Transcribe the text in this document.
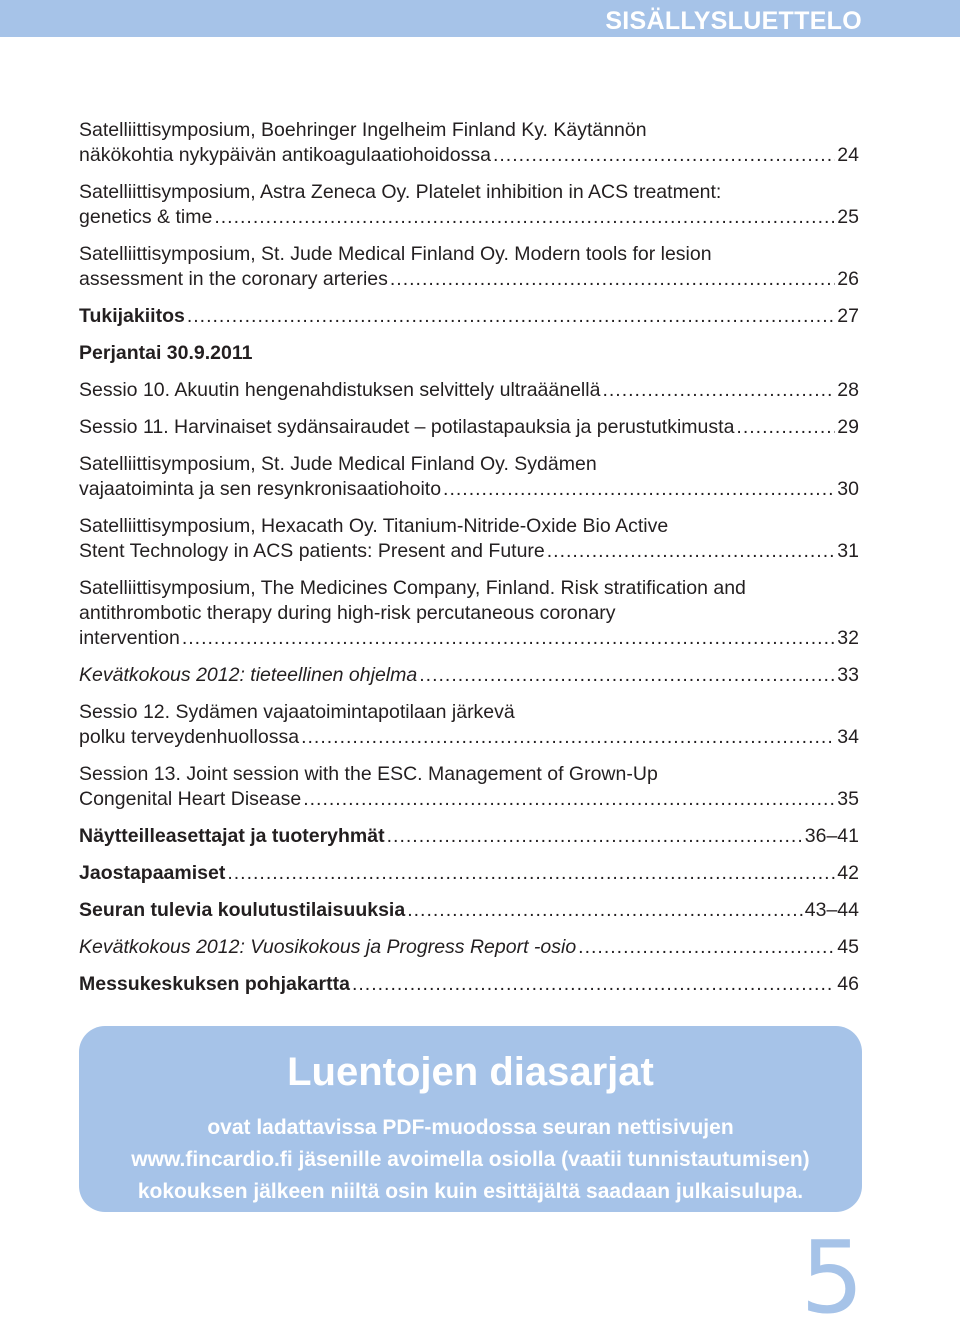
SISÄLLYSLUETTELO
Satelliittisymposium, Boehringer Ingelheim Finland Ky. Käytännön
näkökohtia nykypäivän antikoagulaatiohoidossa .....	24
Satelliittisymposium, Astra Zeneca Oy. Platelet inhibition in ACS treatment:
genetics & time .....	25
Satelliittisymposium, St. Jude Medical Finland Oy. Modern tools for lesion
assessment in the coronary arteries .....	26
Tukijakiitos .....	27
Perjantai 30.9.2011
Sessio 10. Akuutin hengenahdistuksen selvittely ultraäänellä .....	28
Sessio 11. Harvinaiset sydänsairaudet – potilastapauksia ja perustutkimusta .....	29
Satelliittisymposium, St. Jude Medical Finland Oy. Sydämen
vajaatoiminta ja sen resynkronisaatiohoito .....	30
Satelliittisymposium, Hexacath Oy. Titanium-Nitride-Oxide Bio Active
Stent Technology in ACS patients: Present and Future .....	31
Satelliittisymposium, The Medicines Company, Finland. Risk stratification and
antithrombotic therapy during high-risk percutaneous coronary
intervention .....	32
Kevätkokous 2012: tieteellinen ohjelma .....	33
Sessio 12. Sydämen vajaatoimintapotilaan järkevä
polku terveydenhuollossa .....	34
Session 13. Joint session with the ESC. Management of Grown-Up
Congenital Heart Disease .....	35
Näytteilleasettajat ja tuoteryhmät .....	36–41
Jaostapaamiset .....	42
Seuran tulevia koulutustilaisuuksia .....	43–44
Kevätkokous 2012: Vuosikokous ja Progress Report -osio .....	45
Messukeskuksen pohjakartta .....	46
Luentojen diasarjat
ovat ladattavissa PDF-muodossa seuran nettisivujen
www.fincardio.fi jäsenille avoimella osiolla (vaatii tunnistautumisen)
kokouksen jälkeen niiltä osin kuin esittäjältä saadaan julkaisulupa.
5
